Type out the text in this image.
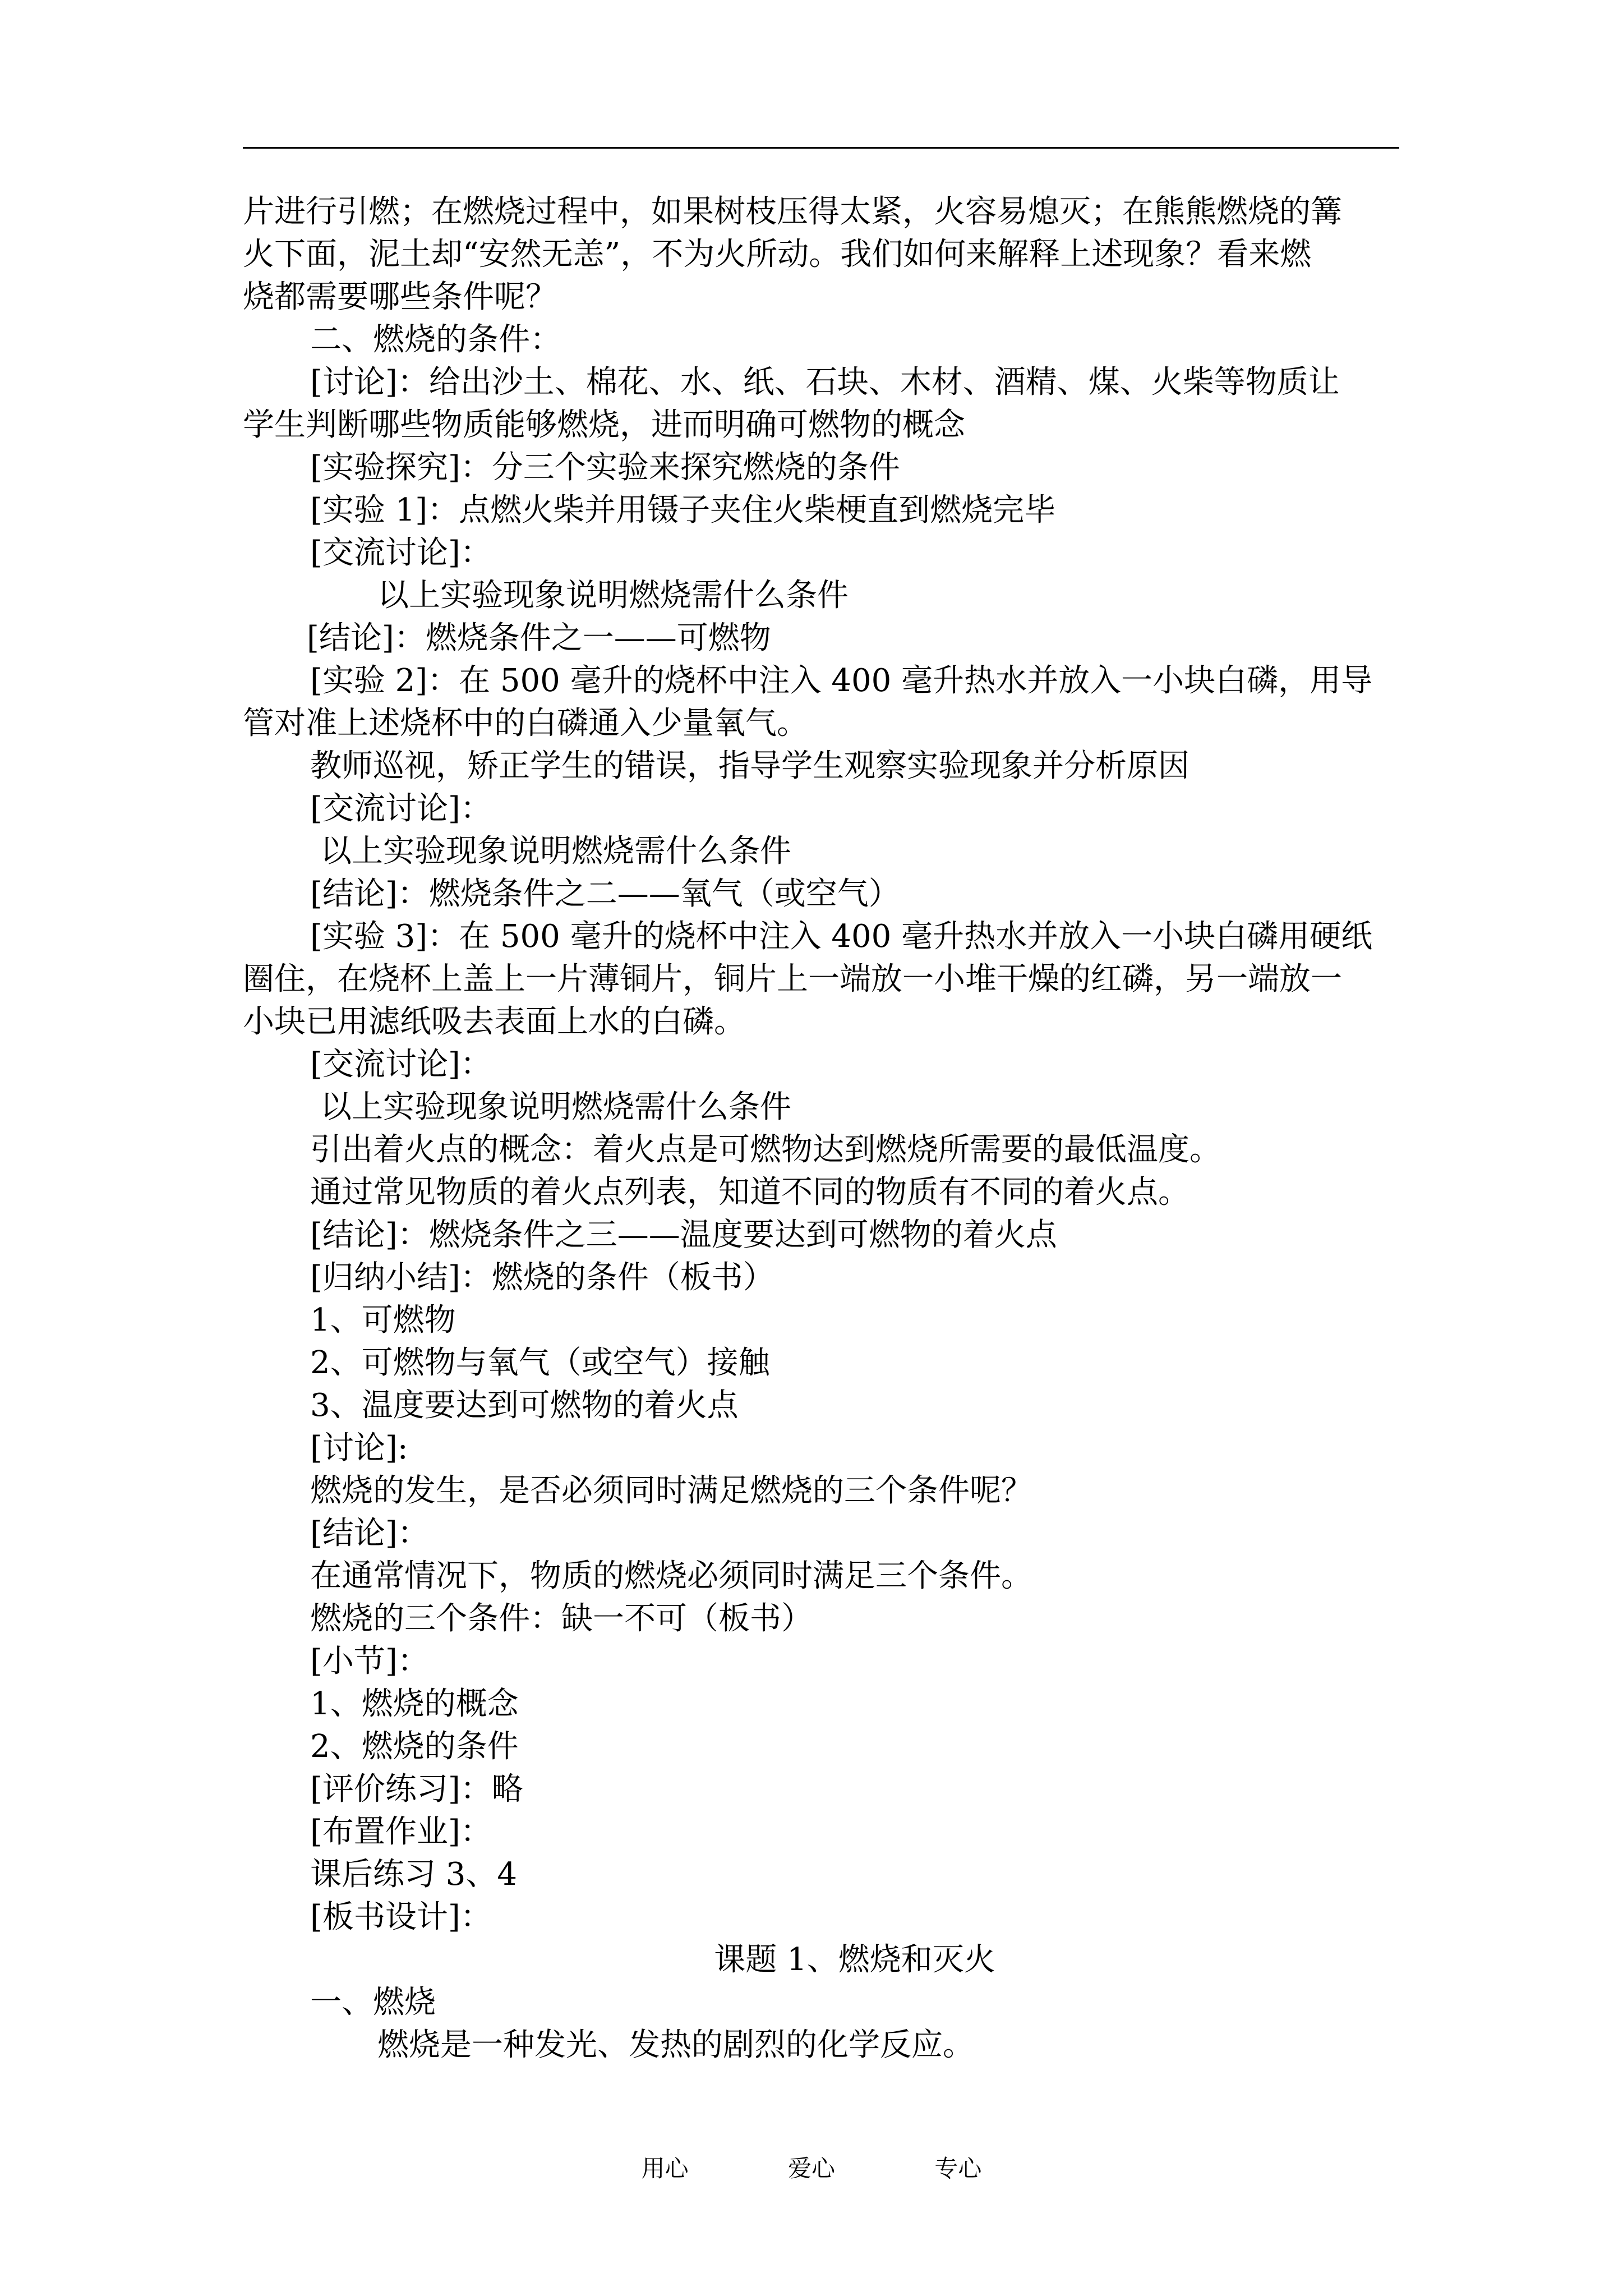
片进行引燃；在燃烧过程中，如果树枝压得太紧，火容易熄灭；在熊熊燃烧的篝
火下面，泥土却“安然无恙”，不为火所动。我们如何来解释上述现象？看来燃
烧都需要哪些条件呢？
二、燃烧的条件：
[讨论]：给出沙土、棉花、水、纸、石块、木材、酒精、煤、火柴等物质让
学生判断哪些物质能够燃烧，进而明确可燃物的概念
[实验探究]：分三个实验来探究燃烧的条件
[实验 1]：点燃火柴并用镊子夹住火柴梗直到燃烧完毕
[交流讨论]：
以上实验现象说明燃烧需什么条件
[结论]：燃烧条件之一——可燃物
[实验 2]：在 500 毫升的烧杯中注入 400 毫升热水并放入一小块白磷，用导
管对准上述烧杯中的白磷通入少量氧气。
教师巡视，矫正学生的错误，指导学生观察实验现象并分析原因
[交流讨论]：
以上实验现象说明燃烧需什么条件
[结论]：燃烧条件之二——氧气（或空气）
[实验 3]：在 500 毫升的烧杯中注入 400 毫升热水并放入一小块白磷用硬纸
圈住，在烧杯上盖上一片薄铜片，铜片上一端放一小堆干燥的红磷，另一端放一
小块已用滤纸吸去表面上水的白磷。
[交流讨论]：
以上实验现象说明燃烧需什么条件
引出着火点的概念：着火点是可燃物达到燃烧所需要的最低温度。
通过常见物质的着火点列表，知道不同的物质有不同的着火点。
[结论]：燃烧条件之三——温度要达到可燃物的着火点
[归纳小结]：燃烧的条件（板书）
1、可燃物
2、可燃物与氧气（或空气）接触
3、温度要达到可燃物的着火点
[讨论]:
燃烧的发生，是否必须同时满足燃烧的三个条件呢？
[结论]：
在通常情况下，物质的燃烧必须同时满足三个条件。
燃烧的三个条件：缺一不可（板书）
[小节]：
1、燃烧的概念
2、燃烧的条件
[评价练习]：略
[布置作业]：
课后练习 3、4
[板书设计]：
课题 1、燃烧和灭火
一、燃烧
燃烧是一种发光、发热的剧烈的化学反应。
用心	爱心	专心
